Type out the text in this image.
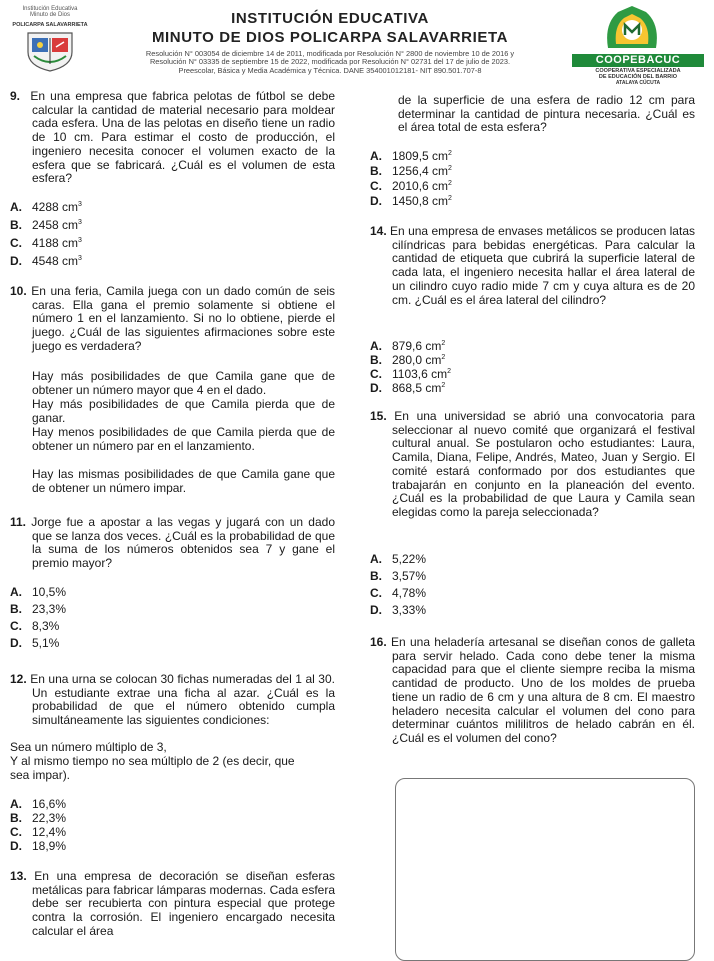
Institución Educativa
Minuto de Dios
POLICARPA SALAVARRIETA	INSTITUCIÓN EDUCATIVA
MINUTO DE DIOS POLICARPA SALAVARRIETA
Resolución N° 003054 de diciembre 14 de 2011, modificada por Resolución N° 2800 de noviembre 10 de 2016 y
Resolución N° 03335 de septiembre 15 de 2022, modificada por Resolución N° 02731 del 17 de julio de 2023.
Preescolar, Básica y Media Académica y Técnica. DANE 354001012181- NIT 890.501.707-8
COOPEBACUC
COOPERATIVA ESPECIALIZADA
DE EDUCACIÓN DEL BARRIO
ATALAYA CÚCUTA
9. En una empresa que fabrica pelotas de fútbol se debe calcular la cantidad de material necesario para moldear cada esfera. Una de las pelotas en diseño tiene un radio de 10 cm. Para estimar el costo de producción, el ingeniero necesita conocer el volumen exacto de la esfera que se fabricará. ¿Cuál es el volumen de esta esfera?
A. 4288 $cm^3$
B. 2458 $cm^3$
C. 4188 $cm^3$
D. 4548 $cm^3$
10. En una feria, Camila juega con un dado común de seis caras. Ella gana el premio solamente si obtiene el número 1 en el lanzamiento. Si no lo obtiene, pierde el juego. ¿Cuál de las siguientes afirmaciones sobre este juego es verdadera?
Hay más posibilidades de que Camila gane que de obtener un número mayor que 4 en el dado.
Hay más posibilidades de que Camila pierda que de ganar.
Hay menos posibilidades de que Camila pierda que de obtener un número par en el lanzamiento.
Hay las mismas posibilidades de que Camila gane que de obtener un número impar.
11. Jorge fue a apostar a las vegas y jugará con un dado que se lanza dos veces. ¿Cuál es la probabilidad de que la suma de los números obtenidos sea 7 y gane el premio mayor?
A. 10,5%
B. 23,3%
C. 8,3%
D. 5,1%
12. En una urna se colocan 30 fichas numeradas del 1 al 30. Un estudiante extrae una ficha al azar. ¿Cuál es la probabilidad de que el número obtenido cumpla simultáneamente las siguientes condiciones:
Sea un número múltiplo de 3,
Y al mismo tiempo no sea múltiplo de 2 (es decir, que sea impar).
A. 16,6%
B. 22,3%
C. 12,4%
D. 18,9%
13. En una empresa de decoración se diseñan esferas metálicas para fabricar lámparas modernas. Cada esfera debe ser recubierta con pintura especial que protege contra la corrosión. El ingeniero encargado necesita calcular el área
de la superficie de una esfera de radio 12 cm para determinar la cantidad de pintura necesaria. ¿Cuál es el área total de esta esfera?
A. 1809,5 $cm^2$
B. 1256,4 $cm^2$
C. 2010,6 $cm^2$
D. 1450,8 $cm^2$
14. En una empresa de envases metálicos se producen latas cilíndricas para bebidas energéticas. Para calcular la cantidad de etiqueta que cubrirá la superficie lateral de cada lata, el ingeniero necesita hallar el área lateral de un cilindro cuyo radio mide 7 cm y cuya altura es de 20 cm. ¿Cuál es el área lateral del cilindro?
A. 879,6 $cm^2$
B. 280,0 $cm^2$
C. 1103,6 $cm^2$
D. 868,5 $cm^2$
15. En una universidad se abrió una convocatoria para seleccionar al nuevo comité que organizará el festival cultural anual. Se postularon ocho estudiantes: Laura, Camila, Diana, Felipe, Andrés, Mateo, Juan y Sergio. El comité estará conformado por dos estudiantes que trabajarán en conjunto en la planeación del evento. ¿Cuál es la probabilidad de que Laura y Camila sean elegidas como la pareja seleccionada?
A. 5,22%
B. 3,57%
C. 4,78%
D. 3,33%
16. En una heladería artesanal se diseñan conos de galleta para servir helado. Cada cono debe tener la misma capacidad para que el cliente siempre reciba la misma cantidad de producto. Uno de los moldes de prueba tiene un radio de 6 cm y una altura de 8 cm. El maestro heladero necesita calcular el volumen del cono para determinar cuántos mililitros de helado cabrán en él. ¿Cuál es el volumen del cono?
